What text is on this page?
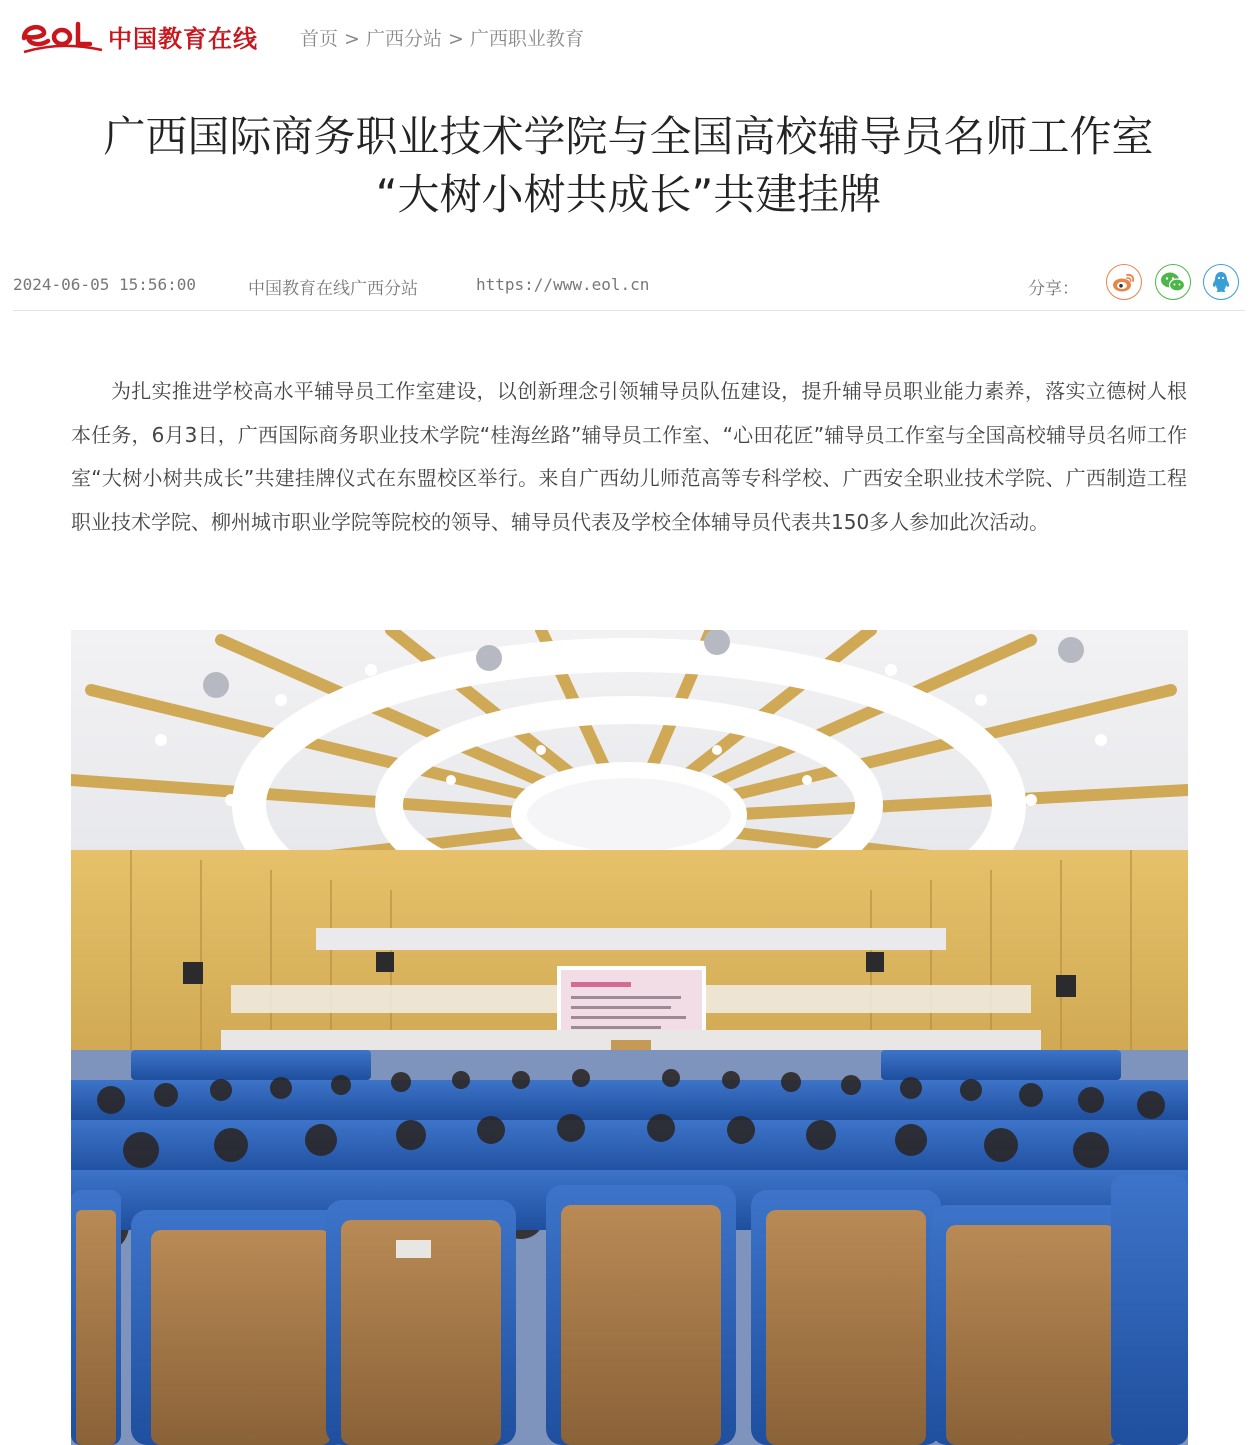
中国教育在线 首页 > 广西分站 > 广西职业教育
广西国际商务职业技术学院与全国高校辅导员名师工作室
“大树小树共成长”共建挂牌
2024-06-05 15:56:00	中国教育在线广西分站	https://www.eol.cn	分享：
为扎实推进学校高水平辅导员工作室建设，以创新理念引领辅导员队伍建设，提升辅导员职业能力素养，落实立德树人根本任务，6月3日，广西国际商务职业技术学院“桂海丝路”辅导员工作室、“心田花匠”辅导员工作室与全国高校辅导员名师工作室“大树小树共成长”共建挂牌仪式在东盟校区举行。来自广西幼儿师范高等专科学校、广西安全职业技术学院、广西制造工程职业技术学院、柳州城市职业学院等院校的领导、辅导员代表及学校全体辅导员代表共150多人参加此次活动。
